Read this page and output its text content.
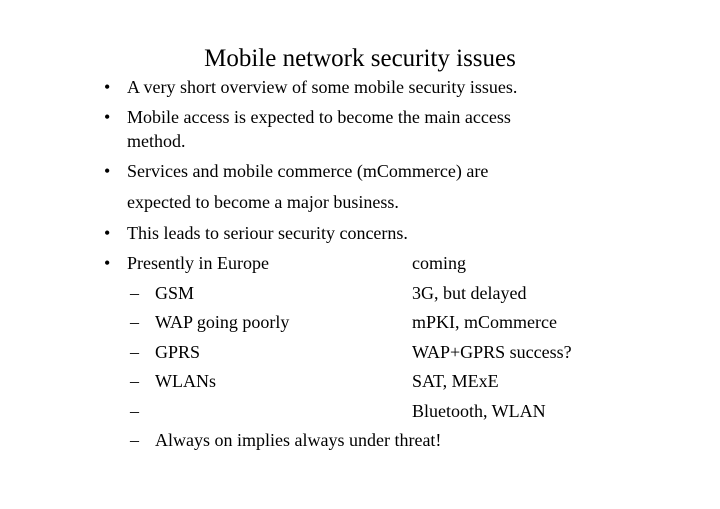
Mobile network security issues
• A very short overview of some mobile security issues.
• Mobile access is expected to become the main access
method.
• Services and mobile commerce (mCommerce) are
expected to become a major business.
• This leads to seriour security concerns.
• Presently in Europe	coming
– GSM	3G, but delayed
– WAP going poorly	mPKI, mCommerce
– GPRS	WAP+GPRS success?
– WLANs	SAT, MExE
–	Bluetooth, WLAN
– Always on implies always under threat!
